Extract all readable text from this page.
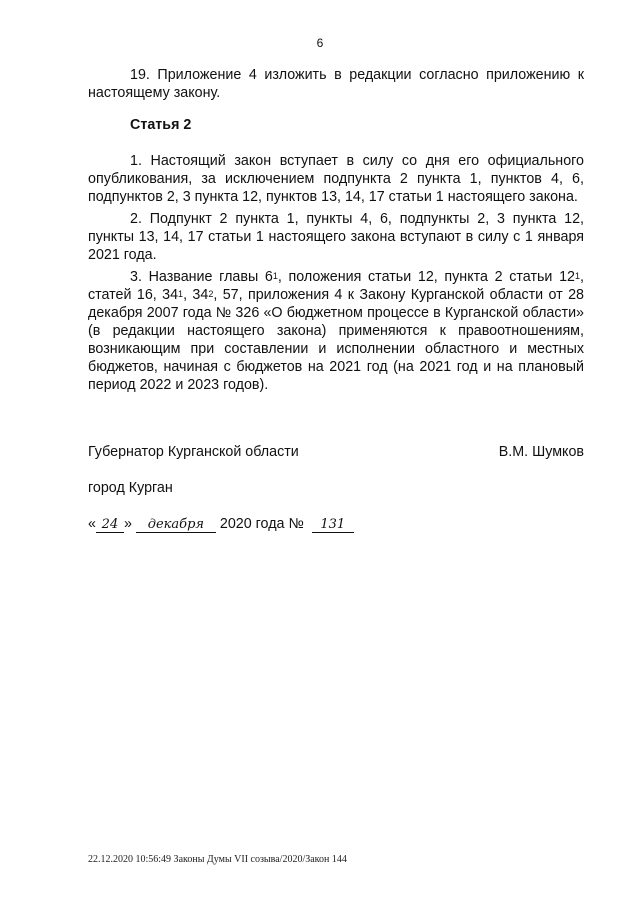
6

19. Приложение 4 изложить в редакции согласно приложению к настоящему закону.

Статья 2

1. Настоящий закон вступает в силу со дня его официального опубликования, за исключением подпункта 2 пункта 1, пунктов 4, 6, подпунктов 2, 3 пункта 12, пунктов 13, 14, 17 статьи 1 настоящего закона.

2. Подпункт 2 пункта 1, пункты 4, 6, подпункты 2, 3 пункта 12, пункты 13, 14, 17 статьи 1 настоящего закона вступают в силу с 1 января 2021 года.

3. Название главы $6^1$, положения статьи 12, пункта 2 статьи $12^1$, статей 16, $34^1$, $34^2$, 57, приложения 4 к Закону Курганской области от 28 декабря 2007 года № 326 «О бюджетном процессе в Курганской области» (в редакции настоящего закона) применяются к правоотношениям, возникающим при составлении и исполнении областного и местных бюджетов, начиная с бюджетов на 2021 год (на 2021 год и на плановый период 2022 и 2023 годов).

Губернатор Курганской области	В.М. Шумков
город Курган
« 24 » декабря 2020 года № 131
22.12.2020 10:56:49 Законы Думы VII созыва/2020/Закон 144
